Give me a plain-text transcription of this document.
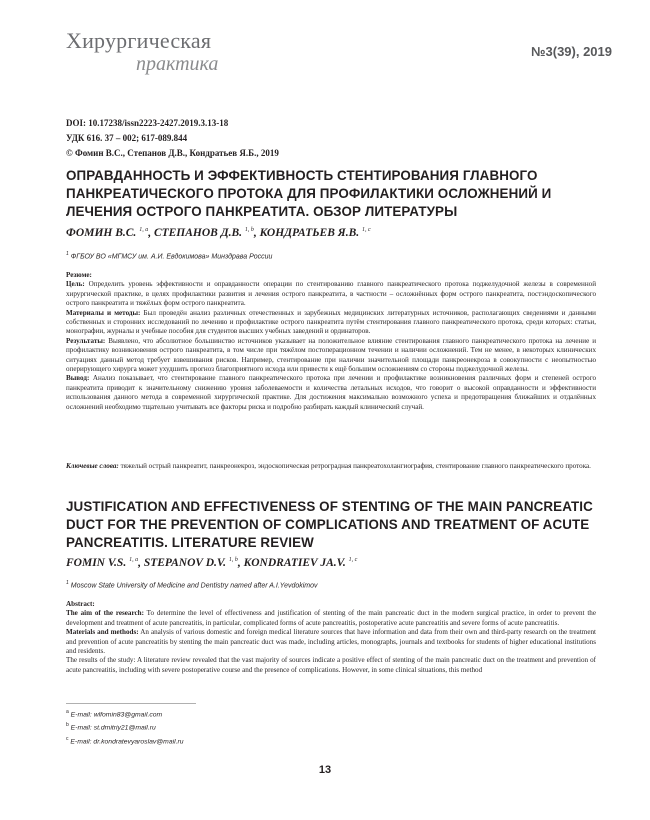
Хирургическая
практика
№3(39), 2019
DOI: 10.17238/issn2223-2427.2019.3.13-18
УДК 616. 37 – 002; 617-089.844
© Фомин В.С., Степанов Д.В., Кондратьев Я.Б., 2019
ОПРАВДАННОСТЬ И ЭФФЕКТИВНОСТЬ СТЕНТИРОВАНИЯ ГЛАВНОГО ПАНКРЕАТИЧЕСКОГО ПРОТОКА ДЛЯ ПРОФИЛАКТИКИ ОСЛОЖНЕНИЙ И ЛЕЧЕНИЯ ОСТРОГО ПАНКРЕАТИТА. ОБЗОР ЛИТЕРАТУРЫ
ФОМИН В.С. $^{1, a}$, СТЕПАНОВ Д.В. $^{1, b}$, КОНДРАТЬЕВ Я.В. $^{1, c}$
$^1$ ФГБОУ ВО «МГМСУ им. А.И. Евдокимова» Минздрава России

Резюме:

Цель: Определить уровень эффективности и оправданности операции по стентированию главного панкреатического протока поджелудочной железы в современной хирургической практике, в целях профилактики развития и лечения острого панкреатита, в частности – осложнённых форм острого панкреатита, постэндоскопического острого панкреатита и тяжёлых форм острого панкреатита.

Материалы и методы: Был проведён анализ различных отечественных и зарубежных медицинских литературных источников, располагающих сведениями и данными собственных и сторонних исследований по лечению и профилактике острого панкреатита путём стентирования главного панкреатического протока, среди которых: статьи, монографии, журналы и учебные пособия для студентов высших учебных заведений и ординаторов.

Результаты: Выявлено, что абсолютное большинство источников указывает на положительное влияние стентирования главного панкреатического протока на лечение и профилактику возникновения острого панкреатита, в том числе при тяжёлом постоперационном течении и наличии осложнений. Тем не менее, в некоторых клинических ситуациях данный метод требует взвешивания рисков. Например, стентирование при наличии значительной площади панкреонекроза в совокупности с неопытностью оперирующего хирурга может ухудшить прогноз благоприятного исхода или привести к ещё большим осложнениям со стороны поджелудочной железы.

Вывод: Анализ показывает, что стентирование главного панкреатического протока при лечении и профилактике возникновения различных форм и степеней острого панкреатита приводит к значительному снижению уровня заболеваемости и количества летальных исходов, что говорит о высокой оправданности и эффективности использования данного метода в современной хирургической практике. Для достижения максимально возможного успеха и предотвращения ближайших и отдалённых осложнений необходимо тщательно учитывать все факторы риска и подробно разбирать каждый клинический случай.

Ключевые слова: тяжелый острый панкреатит, панкреонекроз, эндоскопическая ретроградная панкреатохолангиография, стентирование главного панкреатического протока.
JUSTIFICATION AND EFFECTIVENESS OF STENTING OF THE MAIN PANCREATIC DUCT FOR THE PREVENTION OF COMPLICATIONS AND TREATMENT OF ACUTE PANCREATITIS. LITERATURE REVIEW
FOMIN V.S. $^{1, a}$, STEPANOV D.V. $^{1, b}$, KONDRATIEV JA.V. $^{1, c}$
$^1$ Moscow State University of Medicine and Dentistry named after A.I.Yevdokimov

Abstract:

The aim of the research: To determine the level of effectiveness and justification of stenting of the main pancreatic duct in the modern surgical practice, in order to prevent the development and treatment of acute pancreatitis, in particular, complicated forms of acute pancreatitis, postoperative acute pancreatitis and severe forms of acute pancreatitis.

Materials and methods: An analysis of various domestic and foreign medical literature sources that have information and data from their own and third-party research on the treatment and prevention of acute pancreatitis by stenting the main pancreatic duct was made, including articles, monographs, journals and textbooks for students of higher educational institutions and residents.

The results of the study: A literature review revealed that the vast majority of sources indicate a positive effect of stenting of the main pancreatic duct on the treatment and prevention of acute pancreatitis, including with severe postoperative course and the presence of complications. However, in some clinical situations, this method

$^a$ E-mail: wlfomin83@gmail.com
$^b$ E-mail: st.dmitriy21@mail.ru
$^c$ E-mail: dr.kondratevyaroslav@mail.ru
13
